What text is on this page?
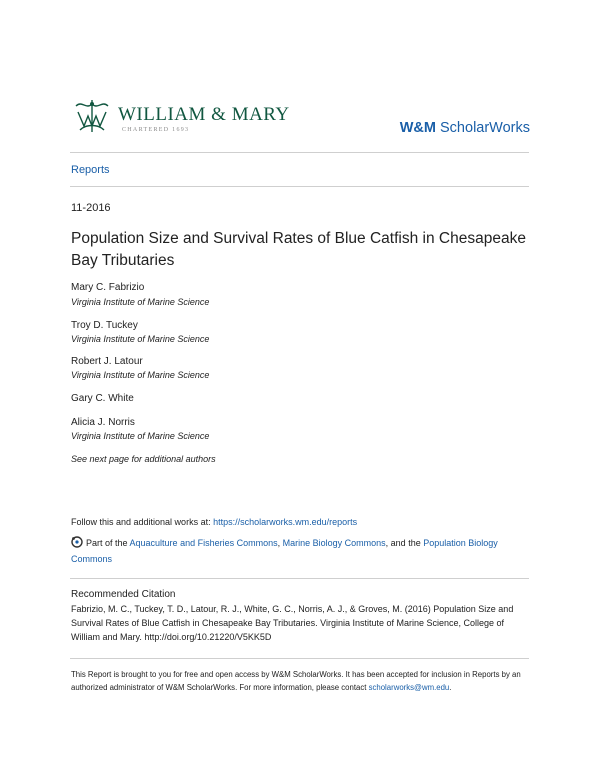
WILLIAM & MARY
CHARTERED 1693	W&M ScholarWorks
Reports
11-2016
Population Size and Survival Rates of Blue Catfish in Chesapeake Bay Tributaries
Mary C. Fabrizio
Virginia Institute of Marine Science
Troy D. Tuckey
Virginia Institute of Marine Science
Robert J. Latour
Virginia Institute of Marine Science
Gary C. White
Alicia J. Norris
Virginia Institute of Marine Science
See next page for additional authors
Follow this and additional works at: https://scholarworks.wm.edu/reports
Part of the Aquaculture and Fisheries Commons, Marine Biology Commons, and the Population Biology Commons
Recommended Citation
Fabrizio, M. C., Tuckey, T. D., Latour, R. J., White, G. C., Norris, A. J., & Groves, M. (2016) Population Size and Survival Rates of Blue Catfish in Chesapeake Bay Tributaries. Virginia Institute of Marine Science, College of William and Mary. http://doi.org/10.21220/V5KK5D
This Report is brought to you for free and open access by W&M ScholarWorks. It has been accepted for inclusion in Reports by an authorized administrator of W&M ScholarWorks. For more information, please contact scholarworks@wm.edu.
